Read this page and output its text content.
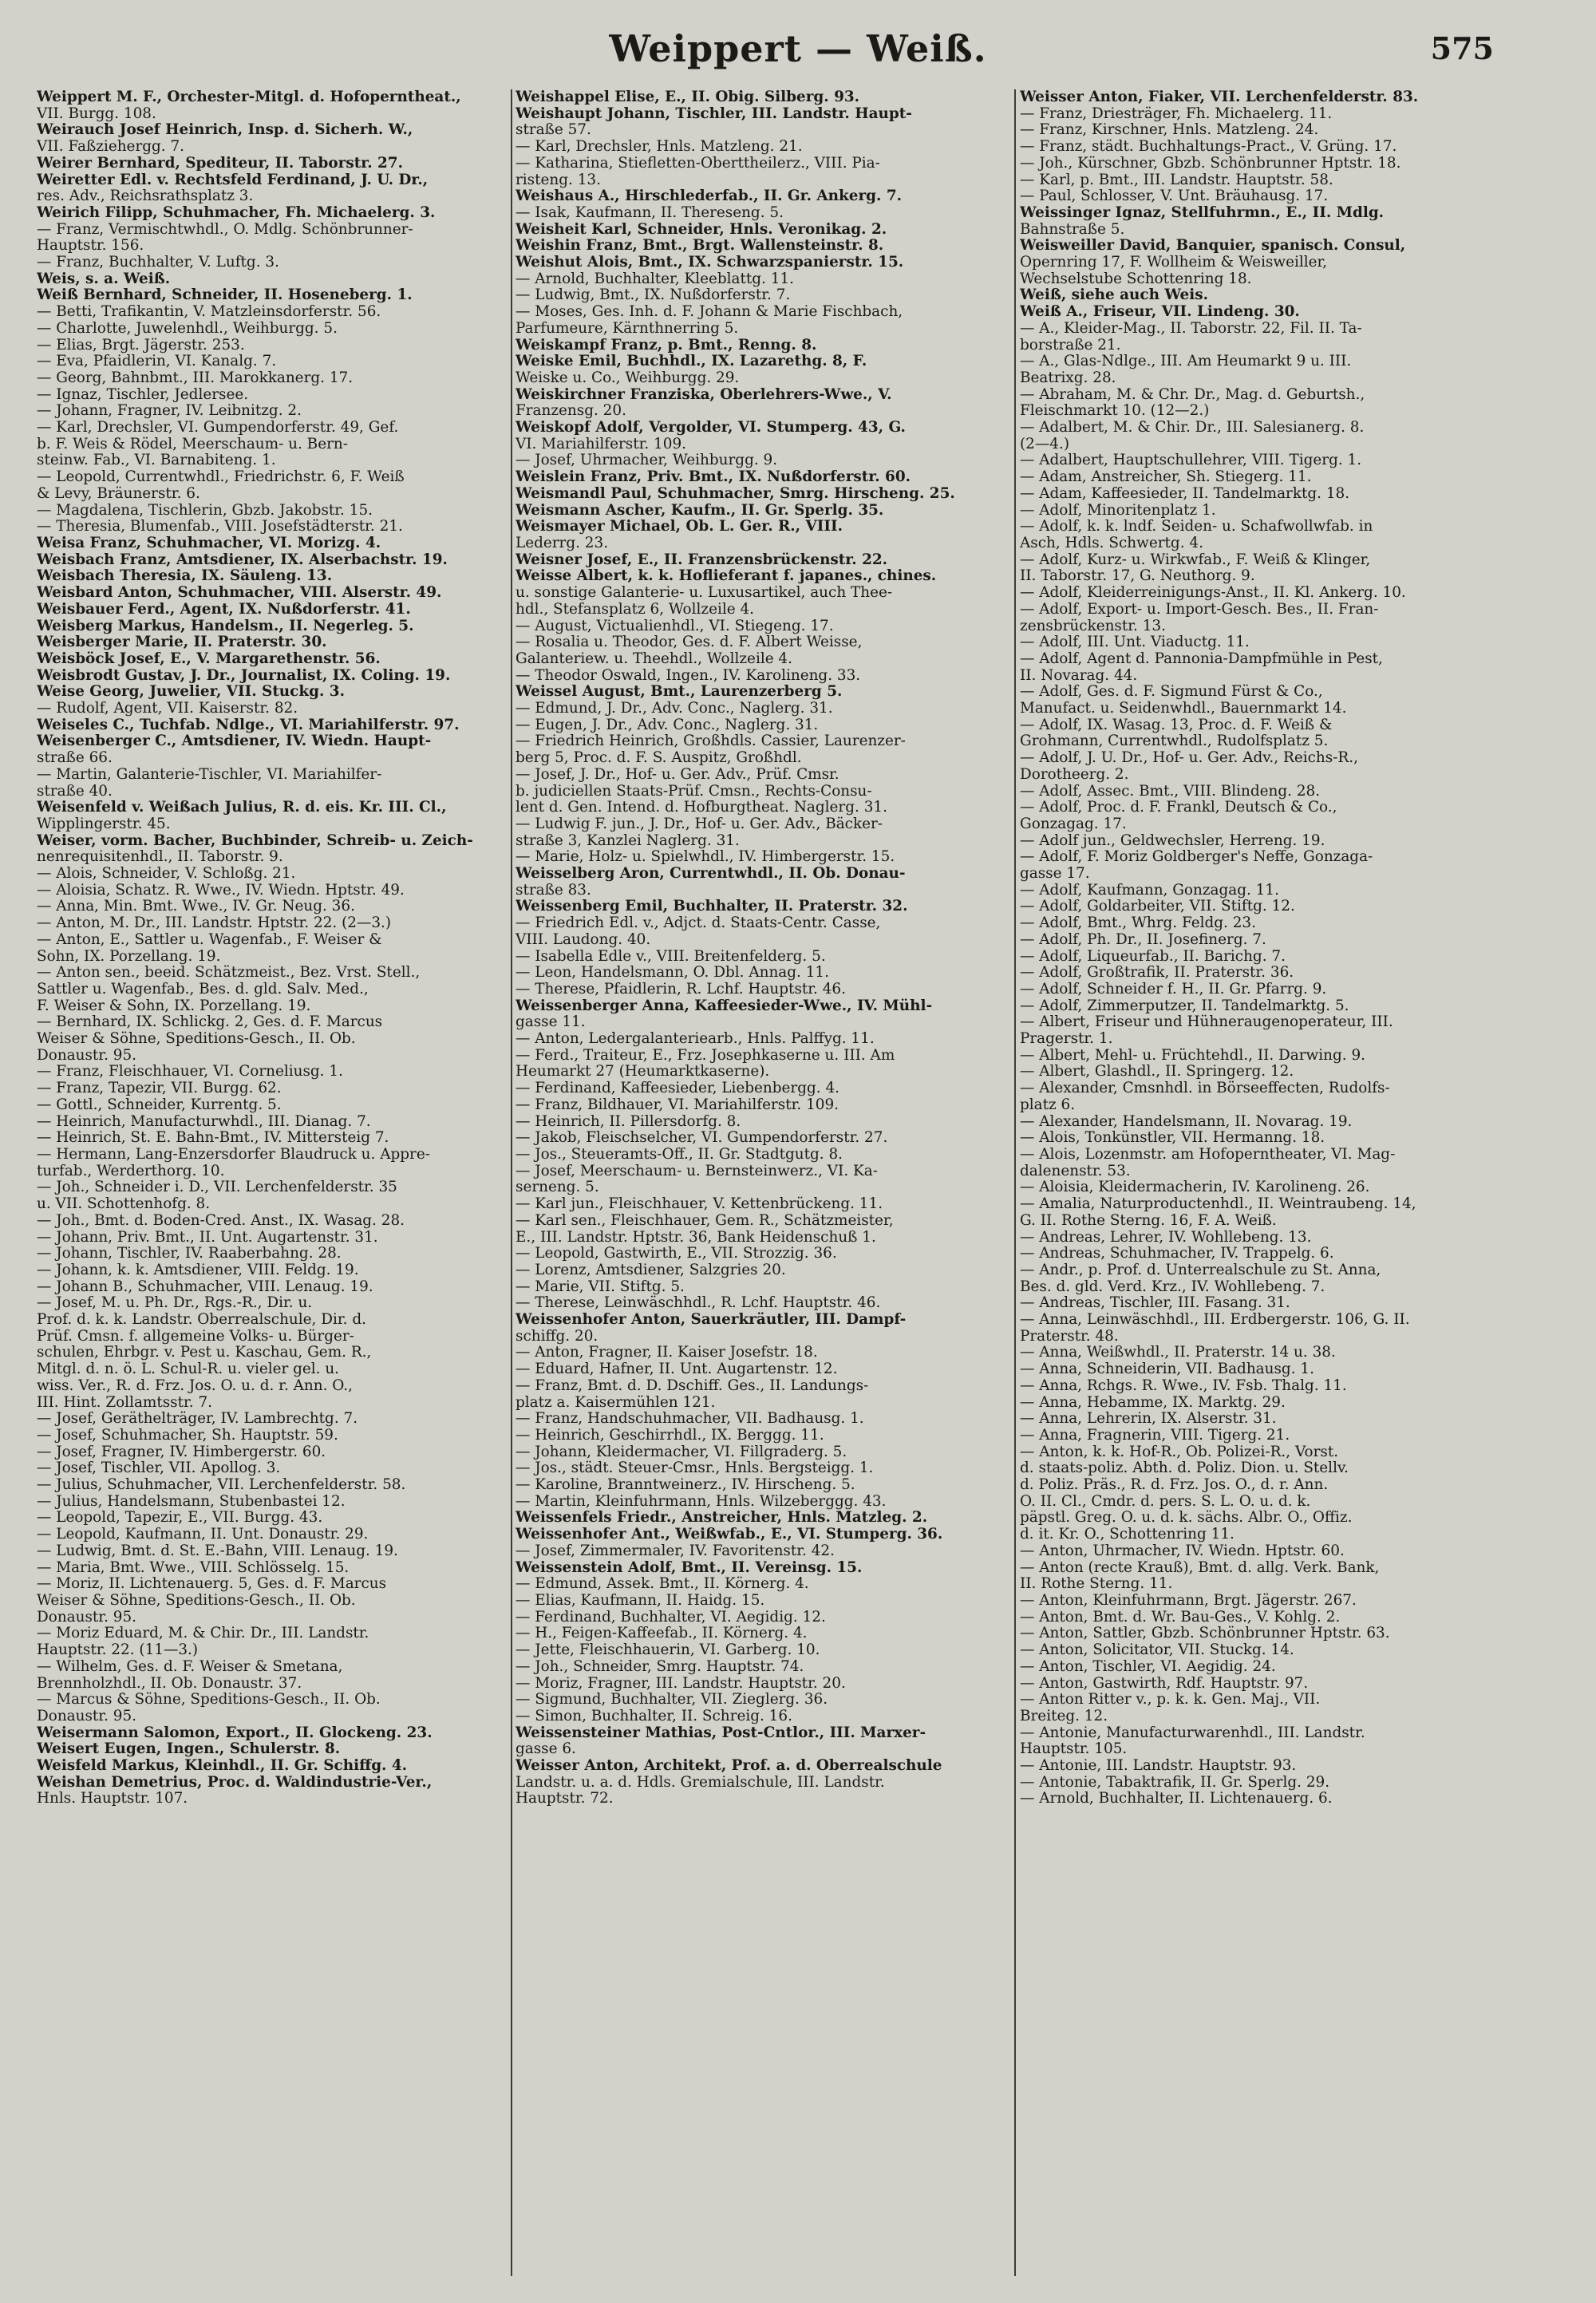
Weippert — Weiß.	575
Weippert M. F., Orchester-Mitgl. d. Hofoperntheat.,
VII. Burgg. 108.
Weirauch Josef Heinrich, Insp. d. Sicherh. W.,
VII. Faßziehergg. 7.
Weirer Bernhard, Spediteur, II. Taborstr. 27.
Weiretter Edl. v. Rechtsfeld Ferdinand, J. U. Dr.,
res. Adv., Reichsrathsplatz 3.
Weirich Filipp, Schuhmacher, Fh. Michaelerg. 3.
— Franz, Vermischtwhdl., O. Mdlg. Schönbrunner-
Hauptstr. 156.
— Franz, Buchhalter, V. Luftg. 3.
Weis, s. a. Weiß.
Weiß Bernhard, Schneider, II. Hoseneberg. 1.
— Betti, Trafikantin, V. Matzleinsdorferstr. 56.
— Charlotte, Juwelenhdl., Weihburgg. 5.
— Elias, Brgt. Jägerstr. 253.
— Eva, Pfaidlerin, VI. Kanalg. 7.
— Georg, Bahnbmt., III. Marokkanerg. 17.
— Ignaz, Tischler, Jedlersee.
— Johann, Fragner, IV. Leibnitzg. 2.
— Karl, Drechsler, VI. Gumpendorferstr. 49, Gef.
b. F. Weis & Rödel, Meerschaum- u. Bern-
steinw. Fab., VI. Barnabiteng. 1.
— Leopold, Currentwhdl., Friedrichstr. 6, F. Weiß
& Levy, Bräunerstr. 6.
— Magdalena, Tischlerin, Gbzb. Jakobstr. 15.
— Theresia, Blumenfab., VIII. Josefstädterstr. 21.
Weisa Franz, Schuhmacher, VI. Morizg. 4.
Weisbach Franz, Amtsdiener, IX. Alserbachstr. 19.
Weisbach Theresia, IX. Säuleng. 13.
Weisbard Anton, Schuhmacher, VIII. Alserstr. 49.
Weisbauer Ferd., Agent, IX. Nußdorferstr. 41.
Weisberg Markus, Handelsm., II. Negerleg. 5.
Weisberger Marie, II. Praterstr. 30.
Weisböck Josef, E., V. Margarethenstr. 56.
Weisbrodt Gustav, J. Dr., Journalist, IX. Coling. 19.
Weise Georg, Juwelier, VII. Stuckg. 3.
— Rudolf, Agent, VII. Kaiserstr. 82.
Weiseles C., Tuchfab. Ndlge., VI. Mariahilferstr. 97.
Weisenberger C., Amtsdiener, IV. Wiedn. Haupt-
straße 66.
— Martin, Galanterie-Tischler, VI. Mariahilfer-
straße 40.
Weisenfeld v. Weißach Julius, R. d. eis. Kr. III. Cl.,
Wipplingerstr. 45.
Weiser, vorm. Bacher, Buchbinder, Schreib- u. Zeich-
nenrequisitenhdl., II. Taborstr. 9.
— Alois, Schneider, V. Schloßg. 21.
— Aloisia, Schatz. R. Wwe., IV. Wiedn. Hptstr. 49.
— Anna, Min. Bmt. Wwe., IV. Gr. Neug. 36.
— Anton, M. Dr., III. Landstr. Hptstr. 22. (2—3.)
— Anton, E., Sattler u. Wagenfab., F. Weiser &
Sohn, IX. Porzellang. 19.
— Anton sen., beeid. Schätzmeist., Bez. Vrst. Stell.,
Sattler u. Wagenfab., Bes. d. gld. Salv. Med.,
F. Weiser & Sohn, IX. Porzellang. 19.
— Bernhard, IX. Schlickg. 2, Ges. d. F. Marcus
Weiser & Söhne, Speditions-Gesch., II. Ob.
Donaustr. 95.
— Franz, Fleischhauer, VI. Corneliusg. 1.
— Franz, Tapezir, VII. Burgg. 62.
— Gottl., Schneider, Kurrentg. 5.
— Heinrich, Manufacturwhdl., III. Dianag. 7.
— Heinrich, St. E. Bahn-Bmt., IV. Mittersteig 7.
— Hermann, Lang-Enzersdorfer Blaudruck u. Appre-
turfab., Werderthorg. 10.
— Joh., Schneider i. D., VII. Lerchenfelderstr. 35
u. VII. Schottenhofg. 8.
— Joh., Bmt. d. Boden-Cred. Anst., IX. Wasag. 28.
— Johann, Priv. Bmt., II. Unt. Augartenstr. 31.
— Johann, Tischler, IV. Raaberbahng. 28.
— Johann, k. k. Amtsdiener, VIII. Feldg. 19.
— Johann B., Schuhmacher, VIII. Lenaug. 19.
— Josef, M. u. Ph. Dr., Rgs.-R., Dir. u.
Prof. d. k. k. Landstr. Oberrealschule, Dir. d.
Prüf. Cmsn. f. allgemeine Volks- u. Bürger-
schulen, Ehrbgr. v. Pest u. Kaschau, Gem. R.,
Mitgl. d. n. ö. L. Schul-R. u. vieler gel. u.
wiss. Ver., R. d. Frz. Jos. O. u. d. r. Ann. O.,
III. Hint. Zollamtsstr. 7.
— Josef, Geräthelträger, IV. Lambrechtg. 7.
— Josef, Schuhmacher, Sh. Hauptstr. 59.
— Josef, Fragner, IV. Himbergerstr. 60.
— Josef, Tischler, VII. Apollog. 3.
— Julius, Schuhmacher, VII. Lerchenfelderstr. 58.
— Julius, Handelsmann, Stubenbastei 12.
— Leopold, Tapezir, E., VII. Burgg. 43.
— Leopold, Kaufmann, II. Unt. Donaustr. 29.
— Ludwig, Bmt. d. St. E.-Bahn, VIII. Lenaug. 19.
— Maria, Bmt. Wwe., VIII. Schlösselg. 15.
— Moriz, II. Lichtenauerg. 5, Ges. d. F. Marcus
Weiser & Söhne, Speditions-Gesch., II. Ob.
Donaustr. 95.
— Moriz Eduard, M. & Chir. Dr., III. Landstr.
Hauptstr. 22. (11—3.)
— Wilhelm, Ges. d. F. Weiser & Smetana,
Brennholzhdl., II. Ob. Donaustr. 37.
— Marcus & Söhne, Speditions-Gesch., II. Ob.
Donaustr. 95.
Weisermann Salomon, Export., II. Glockeng. 23.
Weisert Eugen, Ingen., Schulerstr. 8.
Weisfeld Markus, Kleinhdl., II. Gr. Schiffg. 4.
Weishan Demetrius, Proc. d. Waldindustrie-Ver.,
Hnls. Hauptstr. 107.
Weishappel Elise, E., II. Obig. Silberg. 93.
Weishaupt Johann, Tischler, III. Landstr. Haupt-
straße 57.
— Karl, Drechsler, Hnls. Matzleng. 21.
— Katharina, Stiefletten-Oberttheilerz., VIII. Pia-
risteng. 13.
Weishaus A., Hirschlederfab., II. Gr. Ankerg. 7.
— Isak, Kaufmann, II. Thereseng. 5.
Weisheit Karl, Schneider, Hnls. Veronikag. 2.
Weishin Franz, Bmt., Brgt. Wallensteinstr. 8.
Weishut Alois, Bmt., IX. Schwarzspanierstr. 15.
— Arnold, Buchhalter, Kleeblattg. 11.
— Ludwig, Bmt., IX. Nußdorferstr. 7.
— Moses, Ges. Inh. d. F. Johann & Marie Fischbach,
Parfumeure, Kärnthnerring 5.
Weiskampf Franz, p. Bmt., Renng. 8.
Weiske Emil, Buchhdl., IX. Lazarethg. 8, F.
Weiske u. Co., Weihburgg. 29.
Weiskirchner Franziska, Oberlehrers-Wwe., V.
Franzensg. 20.
Weiskopf Adolf, Vergolder, VI. Stumperg. 43, G.
VI. Mariahilferstr. 109.
— Josef, Uhrmacher, Weihburgg. 9.
Weislein Franz, Priv. Bmt., IX. Nußdorferstr. 60.
Weismandl Paul, Schuhmacher, Smrg. Hirscheng. 25.
Weismann Ascher, Kaufm., II. Gr. Sperlg. 35.
Weismayer Michael, Ob. L. Ger. R., VIII.
Lederrg. 23.
Weisner Josef, E., II. Franzensbrückenstr. 22.
Weisse Albert, k. k. Hoflieferant f. japanes., chines.
u. sonstige Galanterie- u. Luxusartikel, auch Thee-
hdl., Stefansplatz 6, Wollzeile 4.
— August, Victualienhdl., VI. Stiegeng. 17.
— Rosalia u. Theodor, Ges. d. F. Albert Weisse,
Galanteriew. u. Theehdl., Wollzeile 4.
— Theodor Oswald, Ingen., IV. Karolineng. 33.
Weissel August, Bmt., Laurenzerberg 5.
— Edmund, J. Dr., Adv. Conc., Naglerg. 31.
— Eugen, J. Dr., Adv. Conc., Naglerg. 31.
— Friedrich Heinrich, Großhdls. Cassier, Laurenzer-
berg 5, Proc. d. F. S. Auspitz, Großhdl.
— Josef, J. Dr., Hof- u. Ger. Adv., Prüf. Cmsr.
b. judiciellen Staats-Prüf. Cmsn., Rechts-Consu-
lent d. Gen. Intend. d. Hofburgtheat. Naglerg. 31.
— Ludwig F. jun., J. Dr., Hof- u. Ger. Adv., Bäcker-
straße 3, Kanzlei Naglerg. 31.
— Marie, Holz- u. Spielwhdl., IV. Himbergerstr. 15.
Weisselberg Aron, Currentwhdl., II. Ob. Donau-
straße 83.
Weissenberg Emil, Buchhalter, II. Praterstr. 32.
— Friedrich Edl. v., Adjct. d. Staats-Centr. Casse,
VIII. Laudong. 40.
— Isabella Edle v., VIII. Breitenfelderg. 5.
— Leon, Handelsmann, O. Dbl. Annag. 11.
— Therese, Pfaidlerin, R. Lchf. Hauptstr. 46.
Weissenberger Anna, Kaffeesieder-Wwe., IV. Mühl-
gasse 11.
— Anton, Ledergalanteriearb., Hnls. Palffyg. 11.
— Ferd., Traiteur, E., Frz. Josephkaserne u. III. Am
Heumarkt 27 (Heumarktkaserne).
— Ferdinand, Kaffeesieder, Liebenbergg. 4.
— Franz, Bildhauer, VI. Mariahilferstr. 109.
— Heinrich, II. Pillersdorfg. 8.
— Jakob, Fleischselcher, VI. Gumpendorferstr. 27.
— Jos., Steueramts-Off., II. Gr. Stadtgutg. 8.
— Josef, Meerschaum- u. Bernsteinwerz., VI. Ka-
serneng. 5.
— Karl jun., Fleischhauer, V. Kettenbrückeng. 11.
— Karl sen., Fleischhauer, Gem. R., Schätzmeister,
E., III. Landstr. Hptstr. 36, Bank Heidenschuß 1.
— Leopold, Gastwirth, E., VII. Strozzig. 36.
— Lorenz, Amtsdiener, Salzgries 20.
— Marie, VII. Stiftg. 5.
— Therese, Leinwäschhdl., R. Lchf. Hauptstr. 46.
Weissenhofer Anton, Sauerkräutler, III. Dampf-
schiffg. 20.
— Anton, Fragner, II. Kaiser Josefstr. 18.
— Eduard, Hafner, II. Unt. Augartenstr. 12.
— Franz, Bmt. d. D. Dschiff. Ges., II. Landungs-
platz a. Kaisermühlen 121.
— Franz, Handschuhmacher, VII. Badhausg. 1.
— Heinrich, Geschirrhdl., IX. Berggg. 11.
— Johann, Kleidermacher, VI. Fillgraderg. 5.
— Jos., städt. Steuer-Cmsr., Hnls. Bergsteigg. 1.
— Karoline, Branntweinerz., IV. Hirscheng. 5.
— Martin, Kleinfuhrmann, Hnls. Wilzeberggg. 43.
Weissenfels Friedr., Anstreicher, Hnls. Matzleg. 2.
Weissenhofer Ant., Weißwfab., E., VI. Stumperg. 36.
— Josef, Zimmermaler, IV. Favoritenstr. 42.
Weissenstein Adolf, Bmt., II. Vereinsg. 15.
— Edmund, Assek. Bmt., II. Körnerg. 4.
— Elias, Kaufmann, II. Haidg. 15.
— Ferdinand, Buchhalter, VI. Aegidig. 12.
— H., Feigen-Kaffeefab., II. Körnerg. 4.
— Jette, Fleischhauerin, VI. Garberg. 10.
— Joh., Schneider, Smrg. Hauptstr. 74.
— Moriz, Fragner, III. Landstr. Hauptstr. 20.
— Sigmund, Buchhalter, VII. Zieglerg. 36.
— Simon, Buchhalter, II. Schreig. 16.
Weissensteiner Mathias, Post-Cntlor., III. Marxer-
gasse 6.
Weisser Anton, Architekt, Prof. a. d. Oberrealschule
Landstr. u. a. d. Hdls. Gremialschule, III. Landstr.
Hauptstr. 72.
Weisser Anton, Fiaker, VII. Lerchenfelderstr. 83.
— Franz, Driesträger, Fh. Michaelerg. 11.
— Franz, Kirschner, Hnls. Matzleng. 24.
— Franz, städt. Buchhaltungs-Pract., V. Grüng. 17.
— Joh., Kürschner, Gbzb. Schönbrunner Hptstr. 18.
— Karl, p. Bmt., III. Landstr. Hauptstr. 58.
— Paul, Schlosser, V. Unt. Bräuhausg. 17.
Weissinger Ignaz, Stellfuhrmn., E., II. Mdlg.
Bahnstraße 5.
Weisweiller David, Banquier, spanisch. Consul,
Opernring 17, F. Wollheim & Weisweiller,
Wechselstube Schottenring 18.
Weiß, siehe auch Weis.
Weiß A., Friseur, VII. Lindeng. 30.
— A., Kleider-Mag., II. Taborstr. 22, Fil. II. Ta-
borstraße 21.
— A., Glas-Ndlge., III. Am Heumarkt 9 u. III.
Beatrixg. 28.
— Abraham, M. & Chr. Dr., Mag. d. Geburtsh.,
Fleischmarkt 10. (12—2.)
— Adalbert, M. & Chir. Dr., III. Salesianerg. 8.
(2—4.)
— Adalbert, Hauptschullehrer, VIII. Tigerg. 1.
— Adam, Anstreicher, Sh. Stiegerg. 11.
— Adam, Kaffeesieder, II. Tandelmarktg. 18.
— Adolf, Minoritenplatz 1.
— Adolf, k. k. lndf. Seiden- u. Schafwollwfab. in
Asch, Hdls. Schwertg. 4.
— Adolf, Kurz- u. Wirkwfab., F. Weiß & Klinger,
II. Taborstr. 17, G. Neuthorg. 9.
— Adolf, Kleiderreinigungs-Anst., II. Kl. Ankerg. 10.
— Adolf, Export- u. Import-Gesch. Bes., II. Fran-
zensbrückenstr. 13.
— Adolf, III. Unt. Viaductg. 11.
— Adolf, Agent d. Pannonia-Dampfmühle in Pest,
II. Novarag. 44.
— Adolf, Ges. d. F. Sigmund Fürst & Co.,
Manufact. u. Seidenwhdl., Bauernmarkt 14.
— Adolf, IX. Wasag. 13, Proc. d. F. Weiß &
Grohmann, Currentwhdl., Rudolfsplatz 5.
— Adolf, J. U. Dr., Hof- u. Ger. Adv., Reichs-R.,
Dorotheerg. 2.
— Adolf, Assec. Bmt., VIII. Blindeng. 28.
— Adolf, Proc. d. F. Frankl, Deutsch & Co.,
Gonzagag. 17.
— Adolf jun., Geldwechsler, Herreng. 19.
— Adolf, F. Moriz Goldberger's Neffe, Gonzaga-
gasse 17.
— Adolf, Kaufmann, Gonzagag. 11.
— Adolf, Goldarbeiter, VII. Stiftg. 12.
— Adolf, Bmt., Whrg. Feldg. 23.
— Adolf, Ph. Dr., II. Josefinerg. 7.
— Adolf, Liqueurfab., II. Barichg. 7.
— Adolf, Großtrafik, II. Praterstr. 36.
— Adolf, Schneider f. H., II. Gr. Pfarrg. 9.
— Adolf, Zimmerputzer, II. Tandelmarktg. 5.
— Albert, Friseur und Hühneraugenoperateur, III.
Pragerstr. 1.
— Albert, Mehl- u. Früchtehdl., II. Darwing. 9.
— Albert, Glashdl., II. Springerg. 12.
— Alexander, Cmsnhdl. in Börseeffecten, Rudolfs-
platz 6.
— Alexander, Handelsmann, II. Novarag. 19.
— Alois, Tonkünstler, VII. Hermanng. 18.
— Alois, Lozenmstr. am Hofoperntheater, VI. Mag-
dalenenstr. 53.
— Aloisia, Kleidermacherin, IV. Karolineng. 26.
— Amalia, Naturproductenhdl., II. Weintraubeng. 14,
G. II. Rothe Sterng. 16, F. A. Weiß.
— Andreas, Lehrer, IV. Wohllebeng. 13.
— Andreas, Schuhmacher, IV. Trappelg. 6.
— Andr., p. Prof. d. Unterrealschule zu St. Anna,
Bes. d. gld. Verd. Krz., IV. Wohllebeng. 7.
— Andreas, Tischler, III. Fasang. 31.
— Anna, Leinwäschhdl., III. Erdbergerstr. 106, G. II.
Praterstr. 48.
— Anna, Weißwhdl., II. Praterstr. 14 u. 38.
— Anna, Schneiderin, VII. Badhausg. 1.
— Anna, Rchgs. R. Wwe., IV. Fsb. Thalg. 11.
— Anna, Hebamme, IX. Marktg. 29.
— Anna, Lehrerin, IX. Alserstr. 31.
— Anna, Fragnerin, VIII. Tigerg. 21.
— Anton, k. k. Hof-R., Ob. Polizei-R., Vorst.
d. staats-poliz. Abth. d. Poliz. Dion. u. Stellv.
d. Poliz. Präs., R. d. Frz. Jos. O., d. r. Ann.
O. II. Cl., Cmdr. d. pers. S. L. O. u. d. k.
päpstl. Greg. O. u. d. k. sächs. Albr. O., Offiz.
d. it. Kr. O., Schottenring 11.
— Anton, Uhrmacher, IV. Wiedn. Hptstr. 60.
— Anton (recte Krauß), Bmt. d. allg. Verk. Bank,
II. Rothe Sterng. 11.
— Anton, Kleinfuhrmann, Brgt. Jägerstr. 267.
— Anton, Bmt. d. Wr. Bau-Ges., V. Kohlg. 2.
— Anton, Sattler, Gbzb. Schönbrunner Hptstr. 63.
— Anton, Solicitator, VII. Stuckg. 14.
— Anton, Tischler, VI. Aegidig. 24.
— Anton, Gastwirth, Rdf. Hauptstr. 97.
— Anton Ritter v., p. k. k. Gen. Maj., VII.
Breiteg. 12.
— Antonie, Manufacturwarenhdl., III. Landstr.
Hauptstr. 105.
— Antonie, III. Landstr. Hauptstr. 93.
— Antonie, Tabaktrafik, II. Gr. Sperlg. 29.
— Arnold, Buchhalter, II. Lichtenauerg. 6.
